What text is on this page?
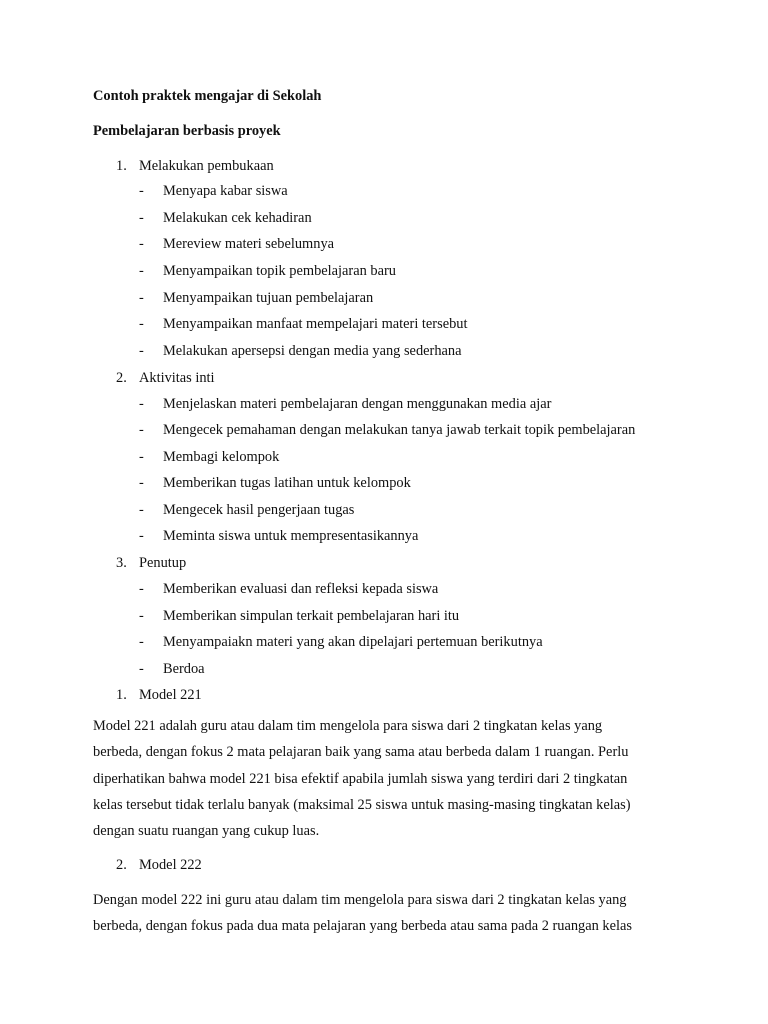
Contoh praktek mengajar di Sekolah
Pembelajaran berbasis proyek
1. Melakukan pembukaan
- Menyapa kabar siswa
- Melakukan cek kehadiran
- Mereview materi sebelumnya
- Menyampaikan topik pembelajaran baru
- Menyampaikan tujuan pembelajaran
- Menyampaikan manfaat mempelajari materi tersebut
- Melakukan apersepsi dengan media yang sederhana
2. Aktivitas inti
- Menjelaskan materi pembelajaran dengan menggunakan media ajar
- Mengecek pemahaman dengan melakukan tanya jawab terkait topik pembelajaran
- Membagi kelompok
- Memberikan tugas latihan untuk kelompok
- Mengecek hasil pengerjaan tugas
- Meminta siswa untuk mempresentasikannya
3. Penutup
- Memberikan evaluasi dan refleksi kepada siswa
- Memberikan simpulan terkait pembelajaran hari itu
- Menyampaiakn materi yang akan dipelajari pertemuan berikutnya
- Berdoa
1. Model 221
Model 221 adalah guru atau dalam tim mengelola para siswa dari 2 tingkatan kelas yang
berbeda, dengan fokus 2 mata pelajaran baik yang sama atau berbeda dalam 1 ruangan. Perlu
diperhatikan bahwa model 221 bisa efektif apabila jumlah siswa yang terdiri dari 2 tingkatan
kelas tersebut tidak terlalu banyak (maksimal 25 siswa untuk masing-masing tingkatan kelas)
dengan suatu ruangan yang cukup luas.
2. Model 222
Dengan model 222 ini guru atau dalam tim mengelola para siswa dari 2 tingkatan kelas yang
berbeda, dengan fokus pada dua mata pelajaran yang berbeda atau sama pada 2 ruangan kelas
